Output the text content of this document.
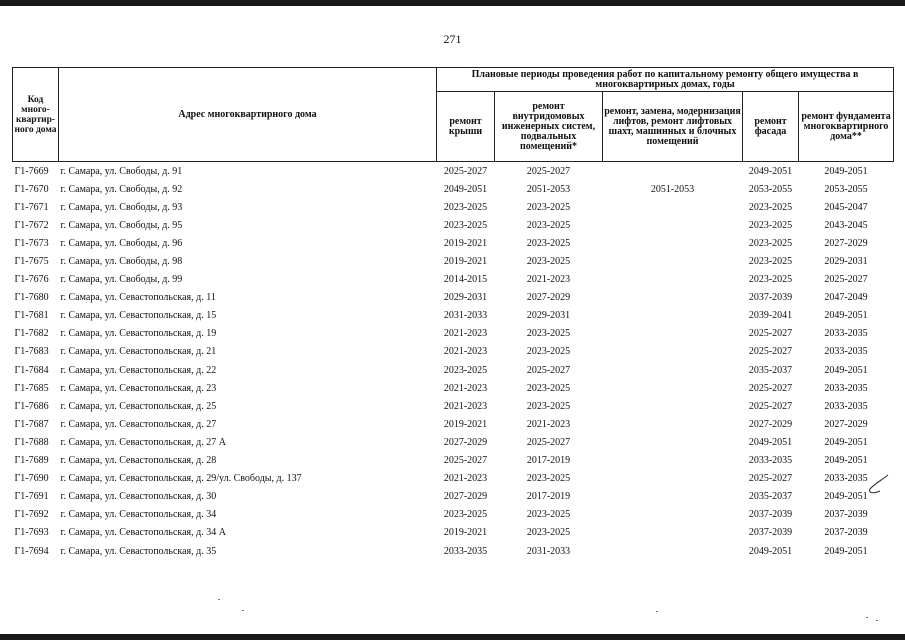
271
Код много-квартир-ного дома	Адрес многоквартирного дома	Плановые периоды проведения работ по капитальному ремонту общего имущества в многоквартирных домах, годы				
		ремонт крыши	ремонт внутридомовых инженерных систем, подвальных помещений*	ремонт, замена, модернизация лифтов, ремонт лифтовых шахт, машинных и блочных помещений	ремонт фасада	ремонт фундамента многоквартирного дома**
Г1-7669	г. Самара, ул. Свободы, д. 91	2025-2027	2025-2027		2049-2051	2049-2051
Г1-7670	г. Самара, ул. Свободы, д. 92	2049-2051	2051-2053	2051-2053	2053-2055	2053-2055
Г1-7671	г. Самара, ул. Свободы, д. 93	2023-2025	2023-2025		2023-2025	2045-2047
Г1-7672	г. Самара, ул. Свободы, д. 95	2023-2025	2023-2025		2023-2025	2043-2045
Г1-7673	г. Самара, ул. Свободы, д. 96	2019-2021	2023-2025		2023-2025	2027-2029
Г1-7675	г. Самара, ул. Свободы, д. 98	2019-2021	2023-2025		2023-2025	2029-2031
Г1-7676	г. Самара, ул. Свободы, д. 99	2014-2015	2021-2023		2023-2025	2025-2027
Г1-7680	г. Самара, ул. Севастопольская, д. 11	2029-2031	2027-2029		2037-2039	2047-2049
Г1-7681	г. Самара, ул. Севастопольская, д. 15	2031-2033	2029-2031		2039-2041	2049-2051
Г1-7682	г. Самара, ул. Севастопольская, д. 19	2021-2023	2023-2025		2025-2027	2033-2035
Г1-7683	г. Самара, ул. Севастопольская, д. 21	2021-2023	2023-2025		2025-2027	2033-2035
Г1-7684	г. Самара, ул. Севастопольская, д. 22	2023-2025	2025-2027		2035-2037	2049-2051
Г1-7685	г. Самара, ул. Севастопольская, д. 23	2021-2023	2023-2025		2025-2027	2033-2035
Г1-7686	г. Самара, ул. Севастопольская, д. 25	2021-2023	2023-2025		2025-2027	2033-2035
Г1-7687	г. Самара, ул. Севастопольская, д. 27	2019-2021	2021-2023		2027-2029	2027-2029
Г1-7688	г. Самара, ул. Севастопольская, д. 27 А	2027-2029	2025-2027		2049-2051	2049-2051
Г1-7689	г. Самара, ул. Севастопольская, д. 28	2025-2027	2017-2019		2033-2035	2049-2051
Г1-7690	г. Самара, ул. Севастопольская, д. 29/ул. Свободы, д. 137	2021-2023	2023-2025		2025-2027	2033-2035
Г1-7691	г. Самара, ул. Севастопольская, д. 30	2027-2029	2017-2019		2035-2037	2049-2051
Г1-7692	г. Самара, ул. Севастопольская, д. 34	2023-2025	2023-2025		2037-2039	2037-2039
Г1-7693	г. Самара, ул. Севастопольская, д. 34 А	2019-2021	2023-2025		2037-2039	2037-2039
Г1-7694	г. Самара, ул. Севастопольская, д. 35	2033-2035	2031-2033		2049-2051	2049-2051
